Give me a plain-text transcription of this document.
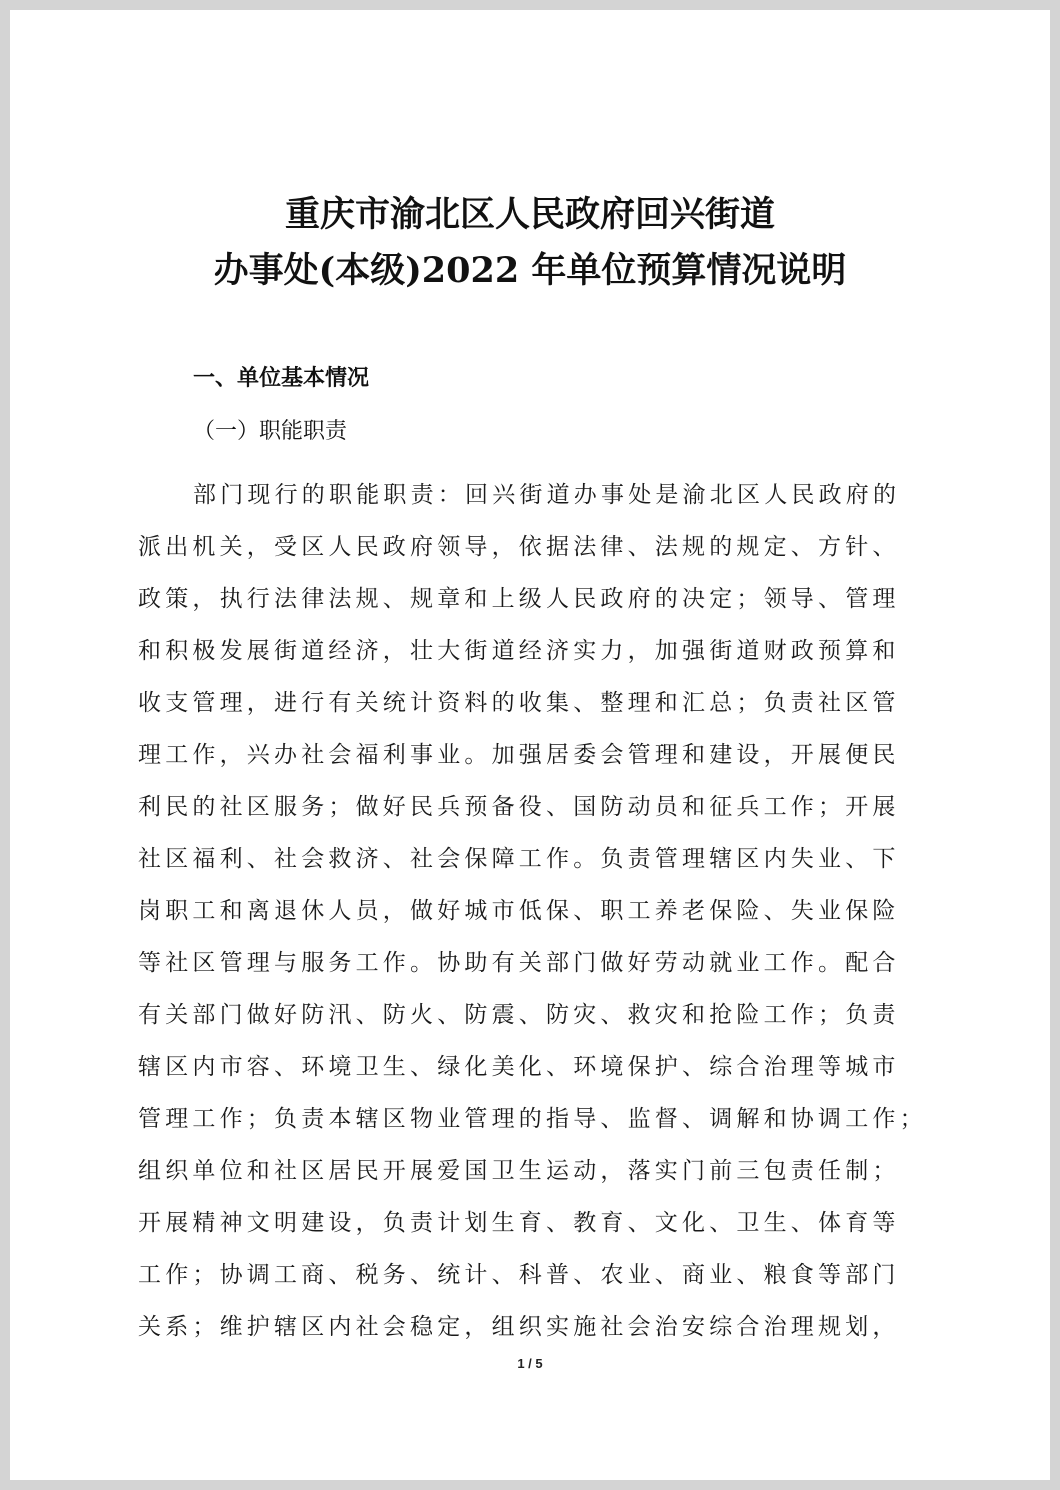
重庆市渝北区人民政府回兴街道
办事处(本级)2022 年单位预算情况说明
一、单位基本情况
（一）职能职责
部门现行的职能职责：回兴街道办事处是渝北区人民政府的
派出机关，受区人民政府领导，依据法律、法规的规定、方针、
政策，执行法律法规、规章和上级人民政府的决定；领导、管理
和积极发展街道经济，壮大街道经济实力，加强街道财政预算和
收支管理，进行有关统计资料的收集、整理和汇总；负责社区管
理工作，兴办社会福利事业。加强居委会管理和建设，开展便民
利民的社区服务；做好民兵预备役、国防动员和征兵工作；开展
社区福利、社会救济、社会保障工作。负责管理辖区内失业、下
岗职工和离退休人员，做好城市低保、职工养老保险、失业保险
等社区管理与服务工作。协助有关部门做好劳动就业工作。配合
有关部门做好防汛、防火、防震、防灾、救灾和抢险工作；负责
辖区内市容、环境卫生、绿化美化、环境保护、综合治理等城市
管理工作；负责本辖区物业管理的指导、监督、调解和协调工作；
组织单位和社区居民开展爱国卫生运动，落实门前三包责任制；
开展精神文明建设，负责计划生育、教育、文化、卫生、体育等
工作；协调工商、税务、统计、科普、农业、商业、粮食等部门
关系；维护辖区内社会稳定，组织实施社会治安综合治理规划，
1 / 5
